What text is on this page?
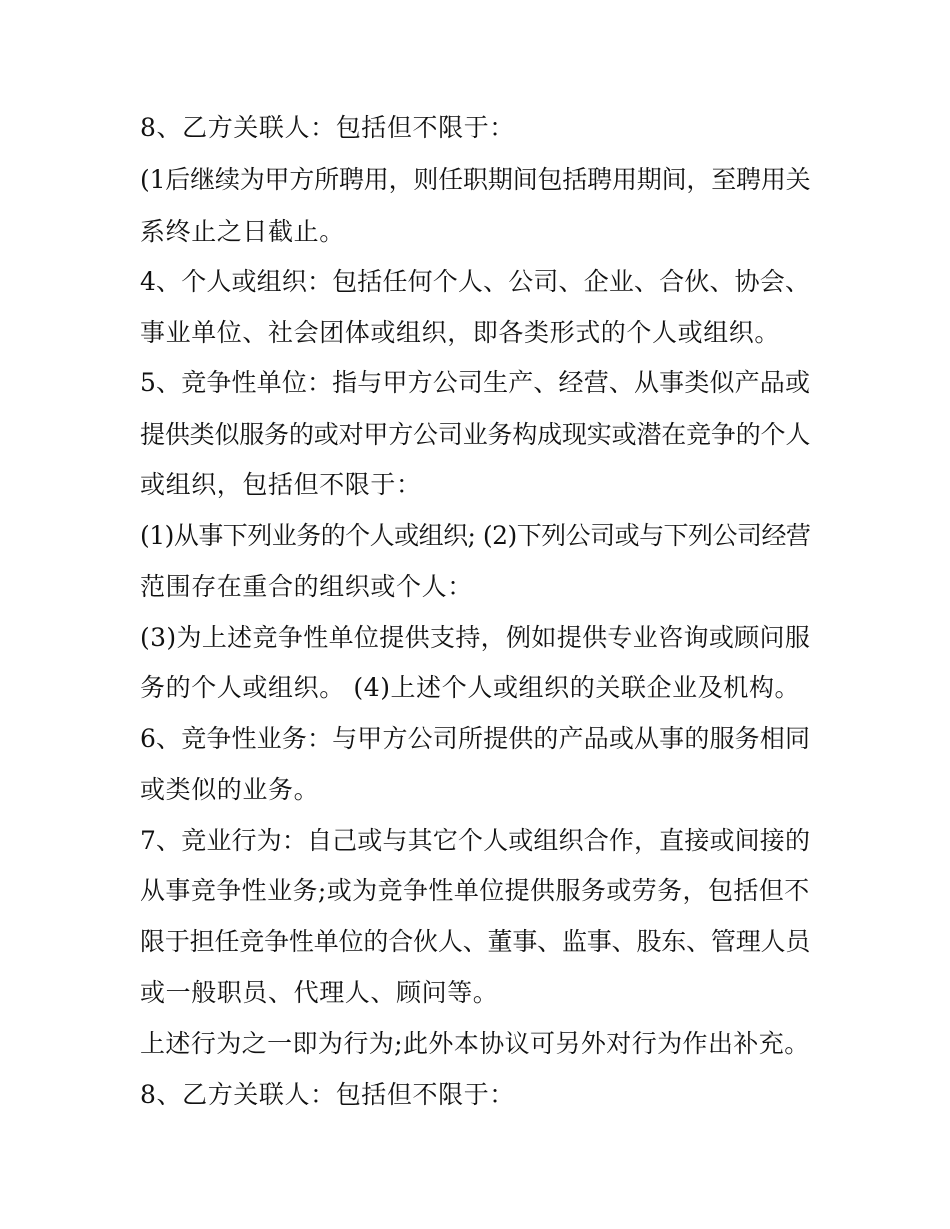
8、乙方关联人：包括但不限于：
(1后继续为甲方所聘用，则任职期间包括聘用期间，至聘用关
系终止之日截止。
4、个人或组织：包括任何个人、公司、企业、合伙、协会、
事业单位、社会团体或组织，即各类形式的个人或组织。
5、竞争性单位：指与甲方公司生产、经营、从事类似产品或
提供类似服务的或对甲方公司业务构成现实或潜在竞争的个人
或组织，包括但不限于：
(1)从事下列业务的个人或组织; (2)下列公司或与下列公司经营
范围存在重合的组织或个人：
(3)为上述竞争性单位提供支持，例如提供专业咨询或顾问服
务的个人或组织。 (4)上述个人或组织的关联企业及机构。
6、竞争性业务：与甲方公司所提供的产品或从事的服务相同
或类似的业务。
7、竞业行为：自己或与其它个人或组织合作，直接或间接的
从事竞争性业务;或为竞争性单位提供服务或劳务，包括但不
限于担任竞争性单位的合伙人、董事、监事、股东、管理人员
或一般职员、代理人、顾问等。
上述行为之一即为行为;此外本协议可另外对行为作出补充。
8、乙方关联人：包括但不限于：
